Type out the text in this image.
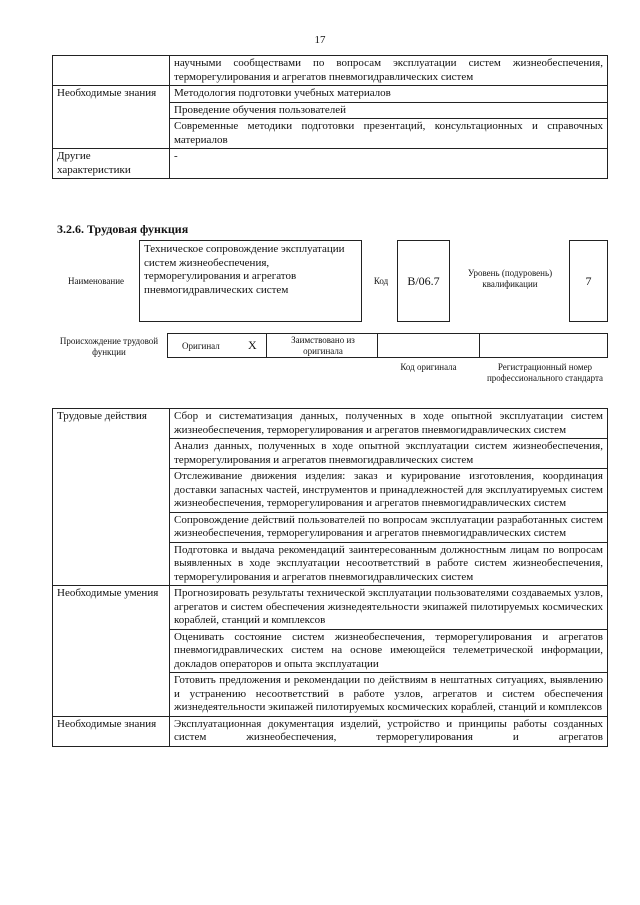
17
	научными сообществами по вопросам эксплуатации систем жизнеобеспечения, терморегулирования и агрегатов пневмогидравлических систем
Необходимые знания	Методология подготовки учебных материалов
	Проведение обучения пользователей
	Современные методики подготовки презентаций, консультационных и справочных материалов
Другие характеристики	-
3.2.6. Трудовая функция
Наименование
Техническое сопровождение эксплуатации систем жизнеобеспечения, терморегулирования и агрегатов пневмогидравлических систем
Код	B/06.7
Уровень (подуровень) квалификации	7
Происхождение трудовой функции
Оригинал X	Заимствовано из оригинала
Код оригинала	Регистрационный номер профессионального стандарта
Трудовые действия	Сбор и систематизация данных, полученных в ходе опытной эксплуатации систем жизнеобеспечения, терморегулирования и агрегатов пневмогидравлических систем
	Анализ данных, полученных в ходе опытной эксплуатации систем жизнеобеспечения, терморегулирования и агрегатов пневмогидравлических систем
	Отслеживание движения изделия: заказ и курирование изготовления, координация доставки запасных частей, инструментов и принадлежностей для эксплуатируемых систем жизнеобеспечения, терморегулирования и агрегатов пневмогидравлических систем
	Сопровождение действий пользователей по вопросам эксплуатации разработанных систем жизнеобеспечения, терморегулирования и агрегатов пневмогидравлических систем
	Подготовка и выдача рекомендаций заинтересованным должностным лицам по вопросам выявленных в ходе эксплуатации несоответствий в работе систем жизнеобеспечения, терморегулирования и агрегатов пневмогидравлических систем
Необходимые умения	Прогнозировать результаты технической эксплуатации пользователями создаваемых узлов, агрегатов и систем обеспечения жизнедеятельности экипажей пилотируемых космических кораблей, станций и комплексов
	Оценивать состояние систем жизнеобеспечения, терморегулирования и агрегатов пневмогидравлических систем на основе имеющейся телеметрической информации, докладов операторов и опыта эксплуатации
	Готовить предложения и рекомендации по действиям в нештатных ситуациях, выявлению и устранению несоответствий в работе узлов, агрегатов и систем обеспечения жизнедеятельности экипажей пилотируемых космических кораблей, станций и комплексов
Необходимые знания	Эксплуатационная документация изделий, устройство и принципы работы созданных систем жизнеобеспечения, терморегулирования и агрегатов
